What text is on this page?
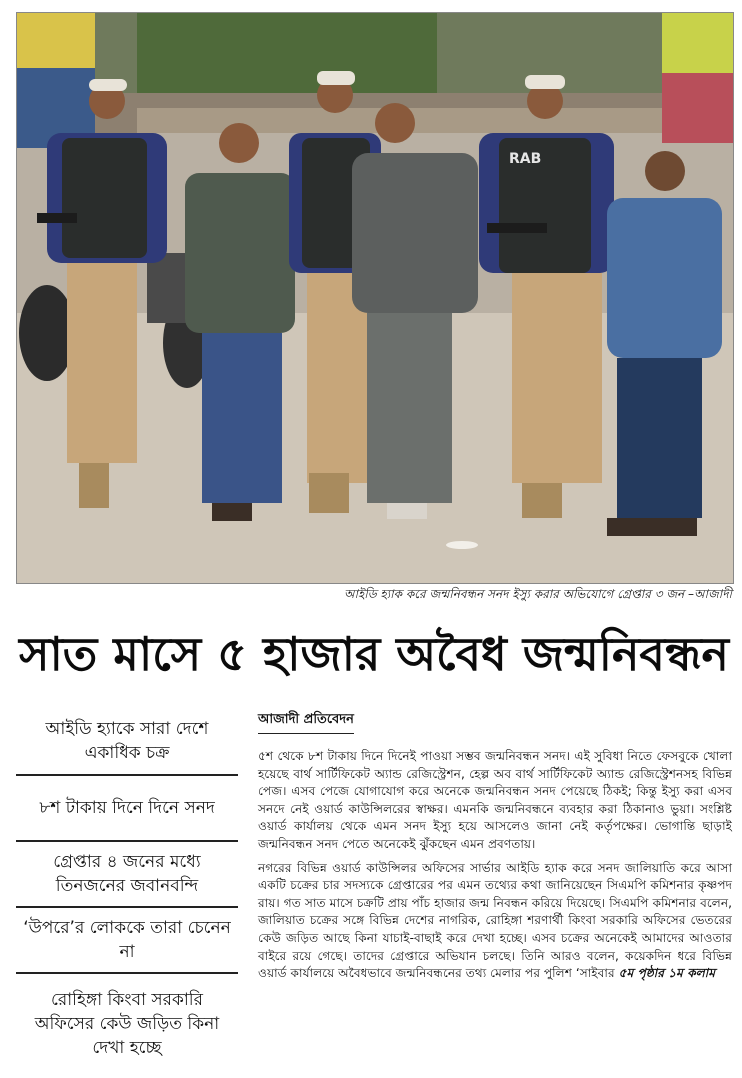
RAB
আইডি হ্যাক করে জন্মনিবন্ধন সনদ ইস্যু করার অভিযোগে গ্রেপ্তার ৩ জন –আজাদী
সাত মাসে ৫ হাজার অবৈধ জন্মনিবন্ধন
আইডি হ্যাকে সারা দেশে একাধিক চক্র
৮শ টাকায় দিনে দিনে সনদ
গ্রেপ্তার ৪ জনের মধ্যে তিনজনের জবানবন্দি
‘উপরে’র লোককে তারা চেনেন না
রোহিঙ্গা কিংবা সরকারি অফিসের কেউ জড়িত কিনা দেখা হচ্ছে
আজাদী প্রতিবেদন

৫শ থেকে ৮শ টাকায় দিনে দিনেই পাওয়া সম্ভব জন্মনিবন্ধন সনদ। এই সুবিধা নিতে ফেসবুকে খোলা হয়েছে বার্থ সার্টিফিকেট অ্যান্ড রেজিস্ট্রেশন, হেল্প অব বার্থ সার্টিফিকেট অ্যান্ড রেজিস্ট্রেশনসহ বিভিন্ন পেজ। এসব পেজে যোগাযোগ করে অনেকে জন্মনিবন্ধন সনদ পেয়েছে ঠিকই; কিন্তু ইস্যু করা এসব সনদে নেই ওয়ার্ড কাউন্সিলরের স্বাক্ষর। এমনকি জন্মনিবন্ধনে ব্যবহার করা ঠিকানাও ভুয়া। সংশ্লিষ্ট ওয়ার্ড কার্যালয় থেকে এমন সনদ ইস্যু হয়ে আসলেও জানা নেই কর্তৃপক্ষের। ভোগান্তি ছাড়াই জন্মনিবন্ধন সনদ পেতে অনেকেই ঝুঁকছেন এমন প্রবণতায়।

নগরের বিভিন্ন ওয়ার্ড কাউন্সিলর অফিসের সার্ভার আইডি হ্যাক করে সনদ জালিয়াতি করে আসা একটি চক্রের চার সদস্যকে গ্রেপ্তারের পর এমন তথ্যের কথা জানিয়েছেন সিএমপি কমিশনার কৃষ্ণপদ রায়। গত সাত মাসে চক্রটি প্রায় পাঁচ হাজার জন্ম নিবন্ধন করিয়ে দিয়েছে। সিএমপি কমিশনার বলেন, জালিয়াত চক্রের সঙ্গে বিভিন্ন দেশের নাগরিক, রোহিঙ্গা শরণার্থী কিংবা সরকারি অফিসের ভেতরের কেউ জড়িত আছে কিনা যাচাই-বাছাই করে দেখা হচ্ছে। এসব চক্রের অনেকেই আমাদের আওতার বাইরে রয়ে গেছে। তাদের গ্রেপ্তারে অভিযান চলছে। তিনি আরও বলেন, কয়েকদিন ধরে বিভিন্ন ওয়ার্ড কার্যালয়ে অবৈধভাবে জন্মনিবন্ধনের তথ্য মেলার পর পুলিশ ‘সাইবার ৫ম পৃষ্ঠার ১ম কলাম
